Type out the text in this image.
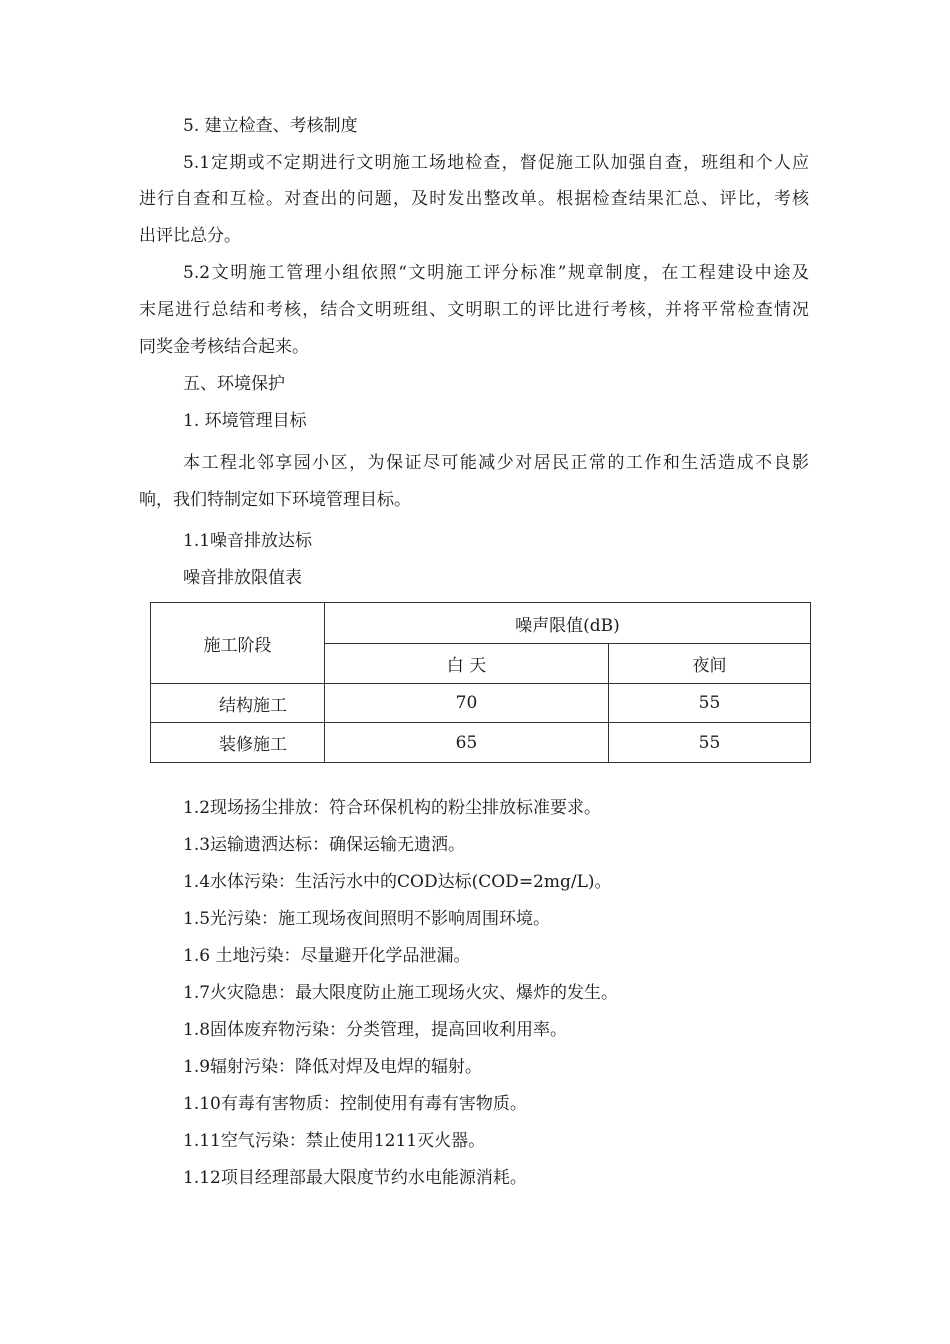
5. 建立检查、考核制度
5.1定期或不定期进行文明施工场地检查，督促施工队加强自查，班组和个人应
进行自查和互检。对查出的问题，及时发出整改单。根据检查结果汇总、评比，考核
出评比总分。
5.2文明施工管理小组依照“文明施工评分标准”规章制度，在工程建设中途及
末尾进行总结和考核，结合文明班组、文明职工的评比进行考核，并将平常检查情况
同奖金考核结合起来。
五、环境保护
1. 环境管理目标
本工程北邻享园小区，为保证尽可能减少对居民正常的工作和生活造成不良影
响，我们特制定如下环境管理目标。
1.1噪音排放达标
噪音排放限值表
施工阶段	噪声限值(dB)	
	白 天	夜间
结构施工	70	55
装修施工	65	55
1.2现场扬尘排放：符合环保机构的粉尘排放标准要求。
1.3运输遗洒达标：确保运输无遗洒。
1.4水体污染：生活污水中的COD达标(COD=2mg/L)。
1.5光污染：施工现场夜间照明不影响周围环境。
1.6 土地污染：尽量避开化学品泄漏。
1.7火灾隐患：最大限度防止施工现场火灾、爆炸的发生。
1.8固体废弃物污染：分类管理，提高回收利用率。
1.9辐射污染：降低对焊及电焊的辐射。
1.10有毒有害物质：控制使用有毒有害物质。
1.11空气污染：禁止使用1211灭火器。
1.12项目经理部最大限度节约水电能源消耗。
